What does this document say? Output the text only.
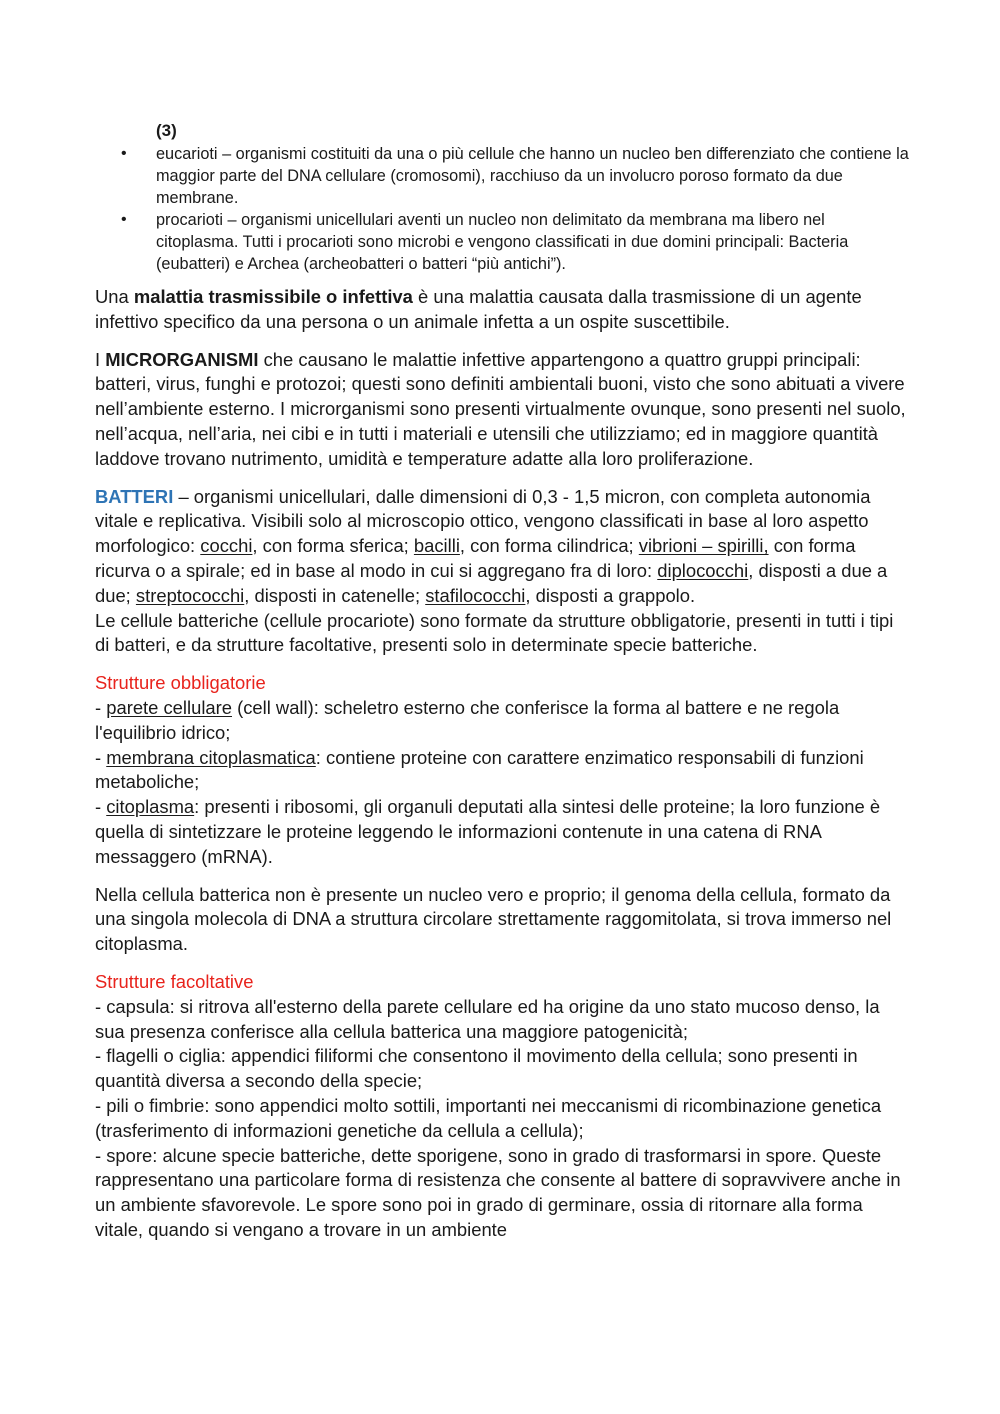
(3)
• eucarioti – organismi costituiti da una o più cellule che hanno un nucleo ben differenziato che contiene la maggior parte del DNA cellulare (cromosomi), racchiuso da un involucro poroso formato da due membrane.
• procarioti – organismi unicellulari aventi un nucleo non delimitato da membrana ma libero nel citoplasma. Tutti i procarioti sono microbi e vengono classificati in due domini principali: Bacteria (eubatteri) e Archea (archeobatteri o batteri “più antichi”).

Una malattia trasmissibile o infettiva è una malattia causata dalla trasmissione di un agente infettivo specifico da una persona o un animale infetta a un ospite suscettibile.

I MICRORGANISMI che causano le malattie infettive appartengono a quattro gruppi principali: batteri, virus, funghi e protozoi; questi sono definiti ambientali buoni, visto che sono abituati a vivere nell’ambiente esterno. I microrganismi sono presenti virtualmente ovunque, sono presenti nel suolo, nell’acqua, nell’aria, nei cibi e in tutti i materiali e utensili che utilizziamo; ed in maggiore quantità laddove trovano nutrimento, umidità e temperature adatte alla loro proliferazione.

BATTERI – organismi unicellulari, dalle dimensioni di 0,3 - 1,5 micron, con completa autonomia vitale e replicativa. Visibili solo al microscopio ottico, vengono classificati in base al loro aspetto morfologico: cocchi, con forma sferica; bacilli, con forma cilindrica; vibrioni – spirilli, con forma ricurva o a spirale; ed in base al modo in cui si aggregano fra di loro: diplococchi, disposti a due a due; streptococchi, disposti in catenelle; stafilococchi, disposti a grappolo.
Le cellule batteriche (cellule procariote) sono formate da strutture obbligatorie, presenti in tutti i tipi di batteri, e da strutture facoltative, presenti solo in determinate specie batteriche.

Strutture obbligatorie
- parete cellulare (cell wall): scheletro esterno che conferisce la forma al battere e ne regola l'equilibrio idrico;
- membrana citoplasmatica: contiene proteine con carattere enzimatico responsabili di funzioni metaboliche;
- citoplasma: presenti i ribosomi, gli organuli deputati alla sintesi delle proteine; la loro funzione è quella di sintetizzare le proteine leggendo le informazioni contenute in una catena di RNA messaggero (mRNA).

Nella cellula batterica non è presente un nucleo vero e proprio; il genoma della cellula, formato da una singola molecola di DNA a struttura circolare strettamente raggomitolata, si trova immerso nel citoplasma.

Strutture facoltative
- capsula: si ritrova all'esterno della parete cellulare ed ha origine da uno stato mucoso denso, la sua presenza conferisce alla cellula batterica una maggiore patogenicità;
- flagelli o ciglia: appendici filiformi che consentono il movimento della cellula; sono presenti in quantità diversa a secondo della specie;
- pili o fimbrie: sono appendici molto sottili, importanti nei meccanismi di ricombinazione genetica (trasferimento di informazioni genetiche da cellula a cellula);
- spore: alcune specie batteriche, dette sporigene, sono in grado di trasformarsi in spore. Queste rappresentano una particolare forma di resistenza che consente al battere di sopravvivere anche in un ambiente sfavorevole. Le spore sono poi in grado di germinare, ossia di ritornare alla forma vitale, quando si vengano a trovare in un ambiente
